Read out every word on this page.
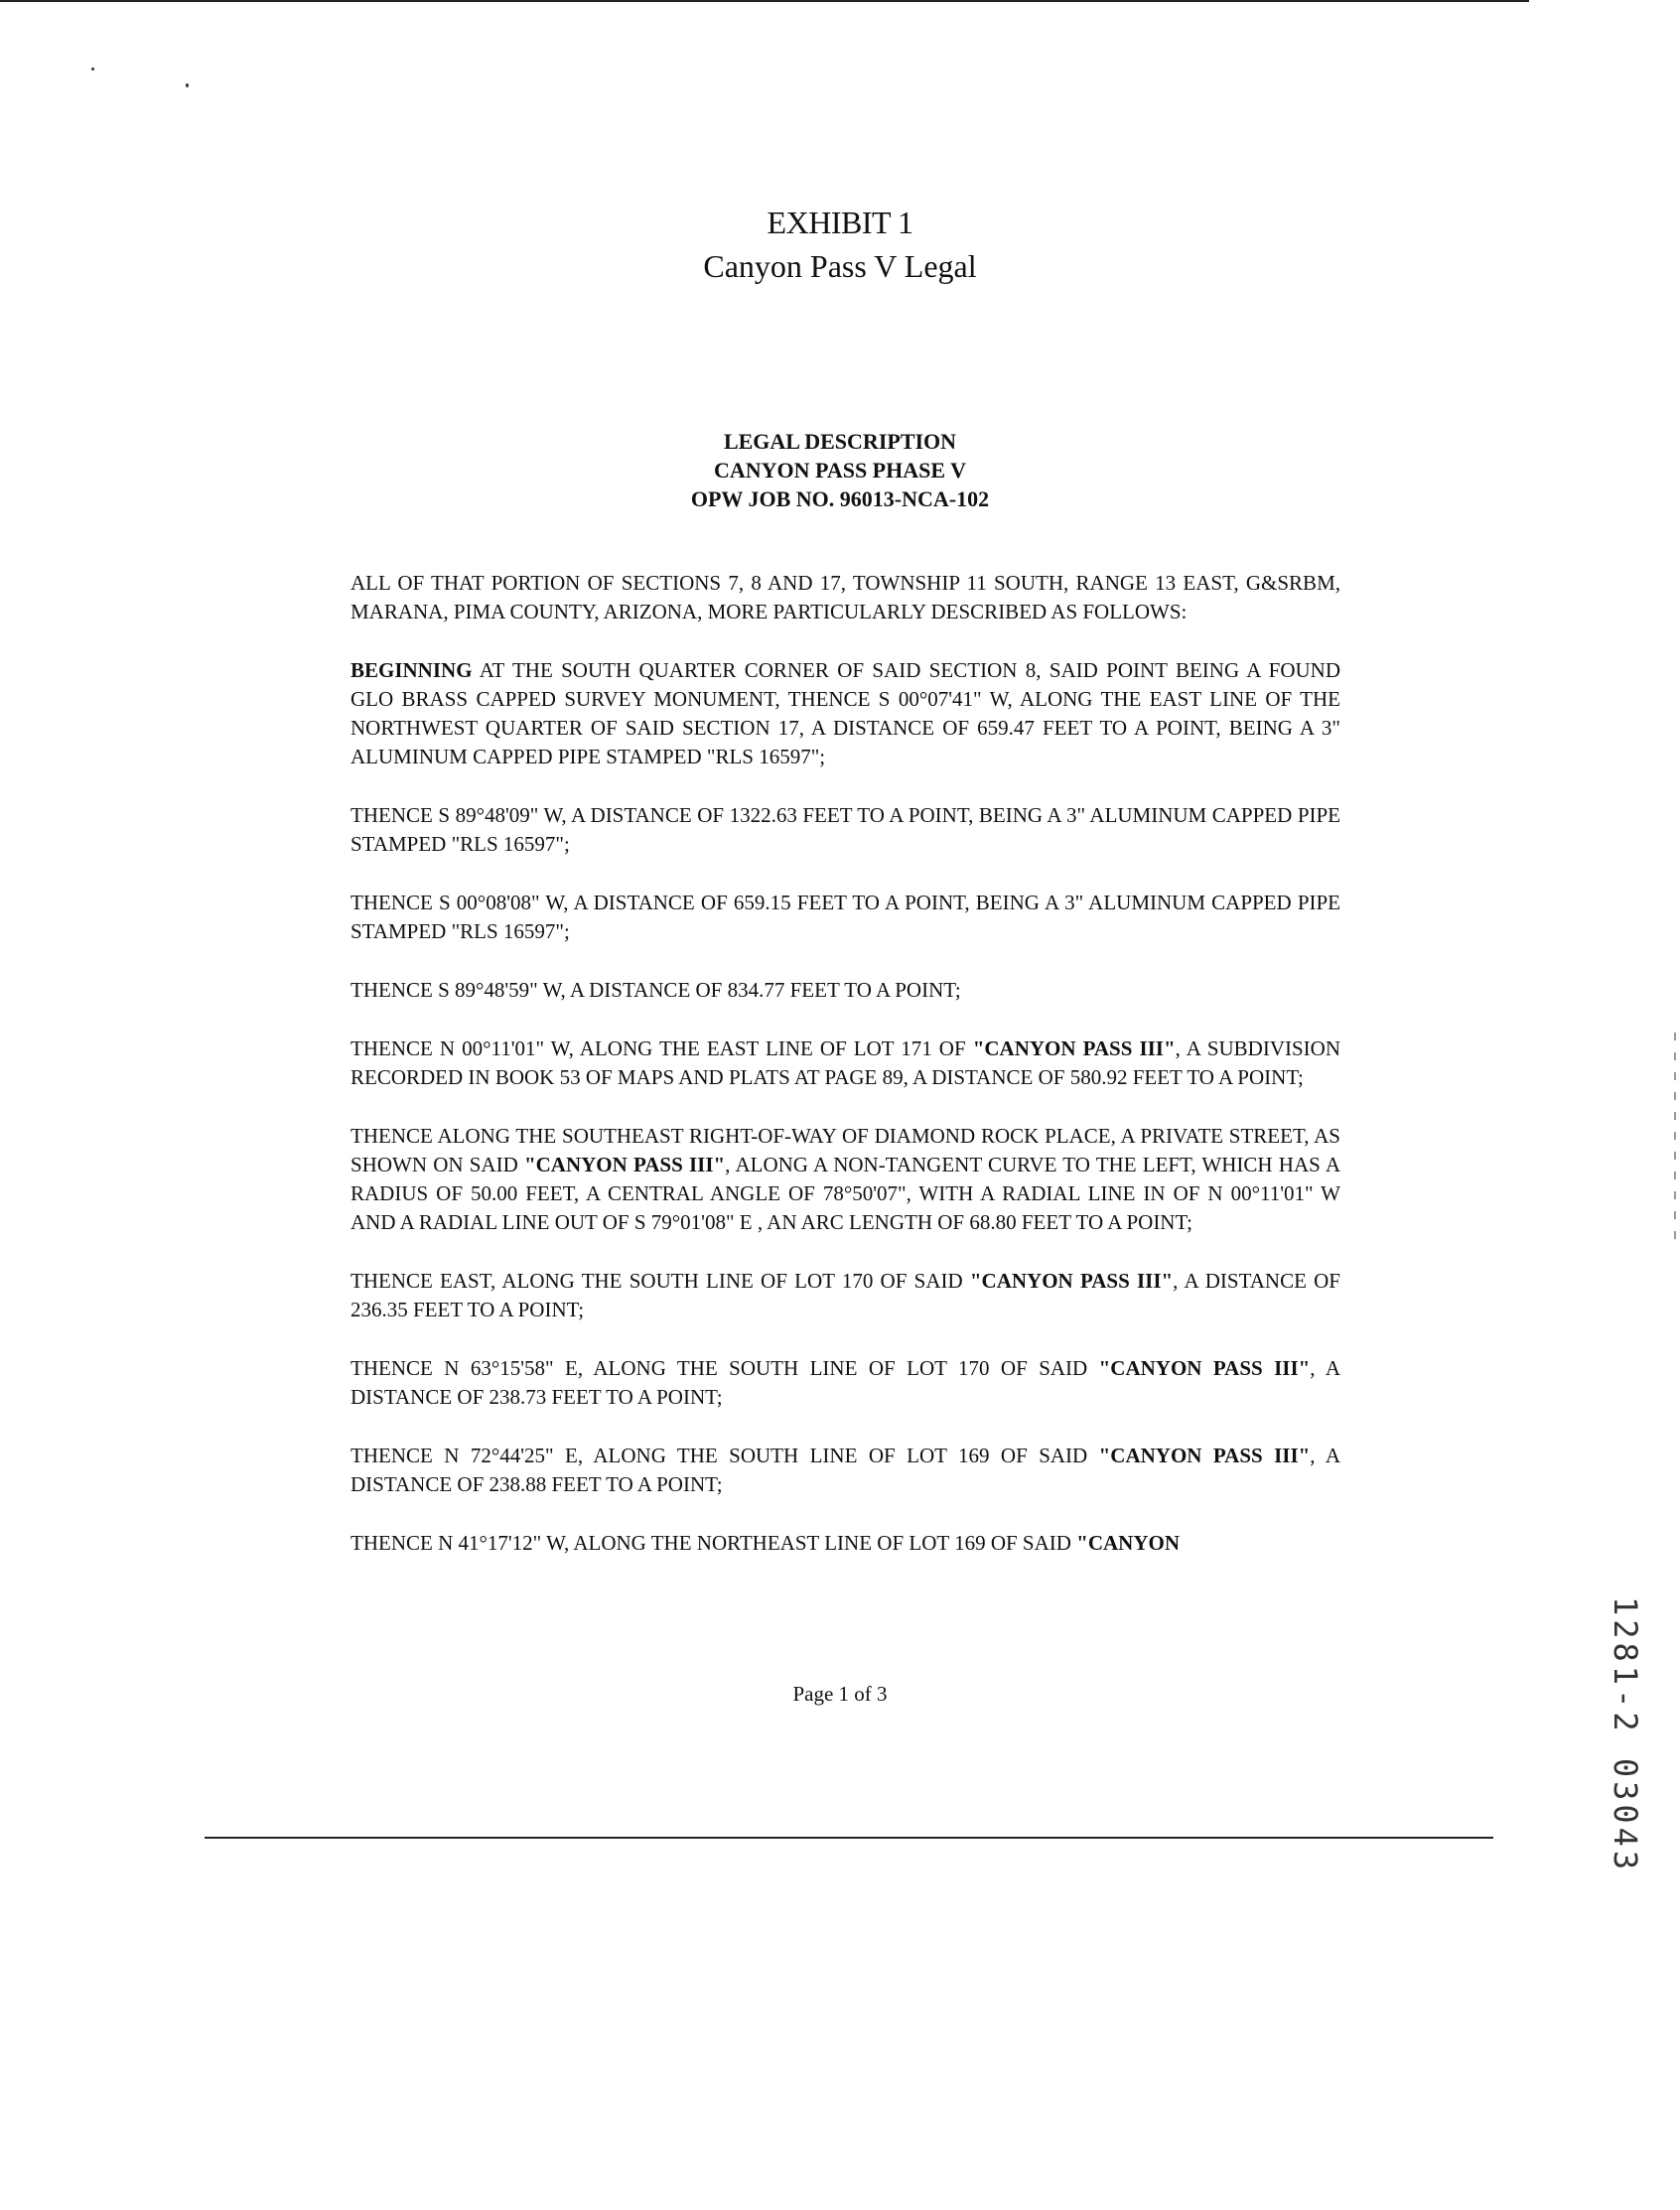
EXHIBIT 1
Canyon Pass V Legal
LEGAL DESCRIPTION
CANYON PASS PHASE V
OPW JOB NO. 96013-NCA-102

ALL OF THAT PORTION OF SECTIONS 7, 8 AND 17, TOWNSHIP 11 SOUTH, RANGE 13 EAST, G&SRBM, MARANA, PIMA COUNTY, ARIZONA, MORE PARTICULARLY DESCRIBED AS FOLLOWS:

BEGINNING AT THE SOUTH QUARTER CORNER OF SAID SECTION 8, SAID POINT BEING A FOUND GLO BRASS CAPPED SURVEY MONUMENT, THENCE S 00°07'41" W, ALONG THE EAST LINE OF THE NORTHWEST QUARTER OF SAID SECTION 17, A DISTANCE OF 659.47 FEET TO A POINT, BEING A 3" ALUMINUM CAPPED PIPE STAMPED "RLS 16597";

THENCE S 89°48'09" W, A DISTANCE OF 1322.63 FEET TO A POINT, BEING A 3" ALUMINUM CAPPED PIPE STAMPED "RLS 16597";

THENCE S 00°08'08" W, A DISTANCE OF 659.15 FEET TO A POINT, BEING A 3" ALUMINUM CAPPED PIPE STAMPED "RLS 16597";

THENCE S 89°48'59" W, A DISTANCE OF 834.77 FEET TO A POINT;

THENCE N 00°11'01" W, ALONG THE EAST LINE OF LOT 171 OF "CANYON PASS III", A SUBDIVISION RECORDED IN BOOK 53 OF MAPS AND PLATS AT PAGE 89, A DISTANCE OF 580.92 FEET TO A POINT;

THENCE ALONG THE SOUTHEAST RIGHT-OF-WAY OF DIAMOND ROCK PLACE, A PRIVATE STREET, AS SHOWN ON SAID "CANYON PASS III", ALONG A NON-TANGENT CURVE TO THE LEFT, WHICH HAS A RADIUS OF 50.00 FEET, A CENTRAL ANGLE OF 78°50'07", WITH A RADIAL LINE IN OF N 00°11'01" W AND A RADIAL LINE OUT OF S 79°01'08" E , AN ARC LENGTH OF 68.80 FEET TO A POINT;

THENCE EAST, ALONG THE SOUTH LINE OF LOT 170 OF SAID "CANYON PASS III", A DISTANCE OF 236.35 FEET TO A POINT;

THENCE N 63°15'58" E, ALONG THE SOUTH LINE OF LOT 170 OF SAID "CANYON PASS III", A DISTANCE OF 238.73 FEET TO A POINT;

THENCE N 72°44'25" E, ALONG THE SOUTH LINE OF LOT 169 OF SAID "CANYON PASS III", A DISTANCE OF 238.88 FEET TO A POINT;

THENCE N 41°17'12" W, ALONG THE NORTHEAST LINE OF LOT 169 OF SAID "CANYON

Page 1 of 3	1281-2 03043
